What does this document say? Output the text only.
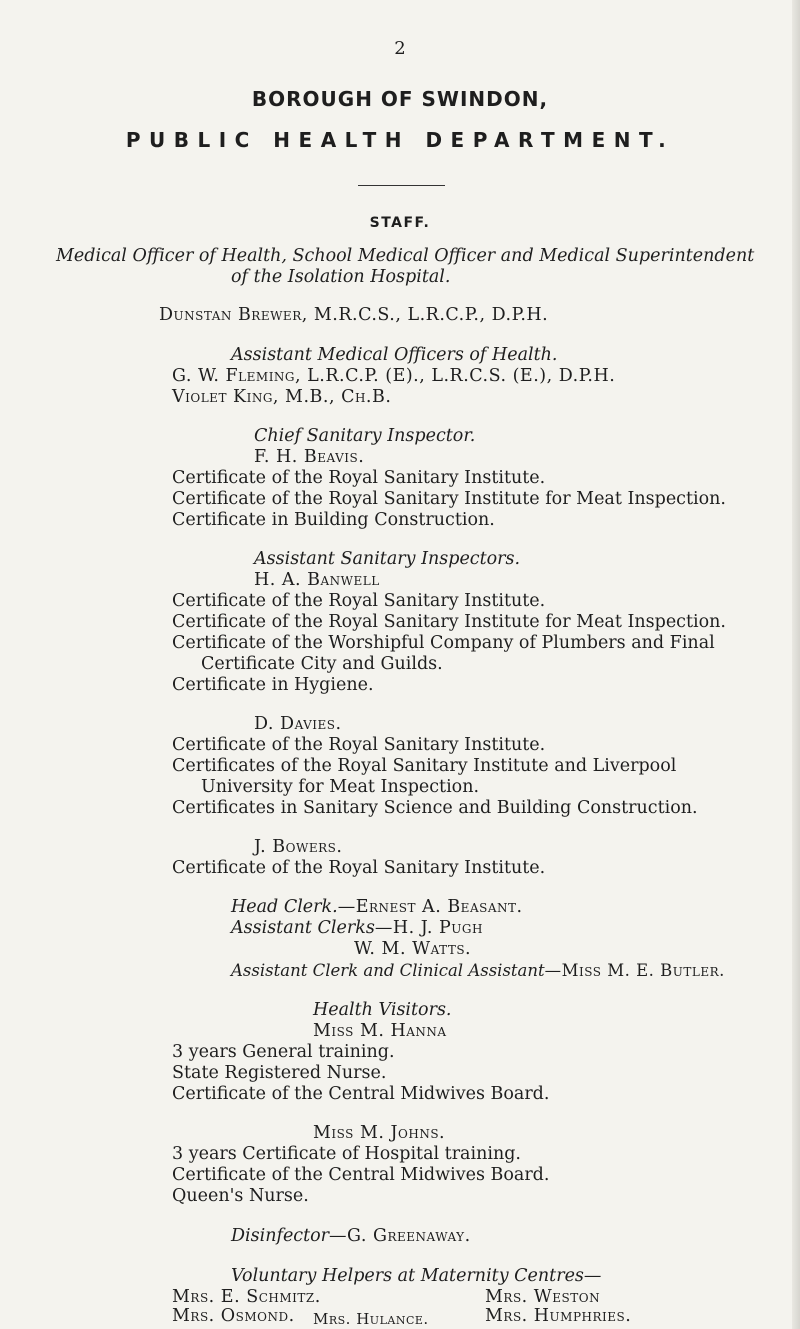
2
BOROUGH OF SWINDON,
PUBLIC HEALTH DEPARTMENT.
STAFF.
Medical Officer of Health, School Medical Officer and Medical Superintendent
of the Isolation Hospital.
Dunstan Brewer, M.R.C.S., L.R.C.P., D.P.H.
Assistant Medical Officers of Health.
G. W. Fleming, L.R.C.P. (E)., L.R.C.S. (E.), D.P.H.
Violet King, M.B., Ch.B.
Chief Sanitary Inspector.
F. H. Beavis.
Certificate of the Royal Sanitary Institute.
Certificate of the Royal Sanitary Institute for Meat Inspection.
Certificate in Building Construction.
Assistant Sanitary Inspectors.
H. A. Banwell
Certificate of the Royal Sanitary Institute.
Certificate of the Royal Sanitary Institute for Meat Inspection.
Certificate of the Worshipful Company of Plumbers and Final
Certificate City and Guilds.
Certificate in Hygiene.
D. Davies.
Certificate of the Royal Sanitary Institute.
Certificates of the Royal Sanitary Institute and Liverpool
University for Meat Inspection.
Certificates in Sanitary Science and Building Construction.
J. Bowers.
Certificate of the Royal Sanitary Institute.
Head Clerk.—Ernest A. Beasant.
Assistant Clerks—H. J. Pugh
W. M. Watts.
Assistant Clerk and Clinical Assistant—Miss M. E. Butler.
Health Visitors.
Miss M. Hanna
3 years General training.
State Registered Nurse.
Certificate of the Central Midwives Board.
Miss M. Johns.
3 years Certificate of Hospital training.
Certificate of the Central Midwives Board.
Queen's Nurse.
Disinfector—G. Greenaway.
Voluntary Helpers at Maternity Centres—
Mrs. E. Schmitz.	Mrs. Weston
Mrs. Osmond.	Mrs. Humphries.
Mrs. Hulance.
